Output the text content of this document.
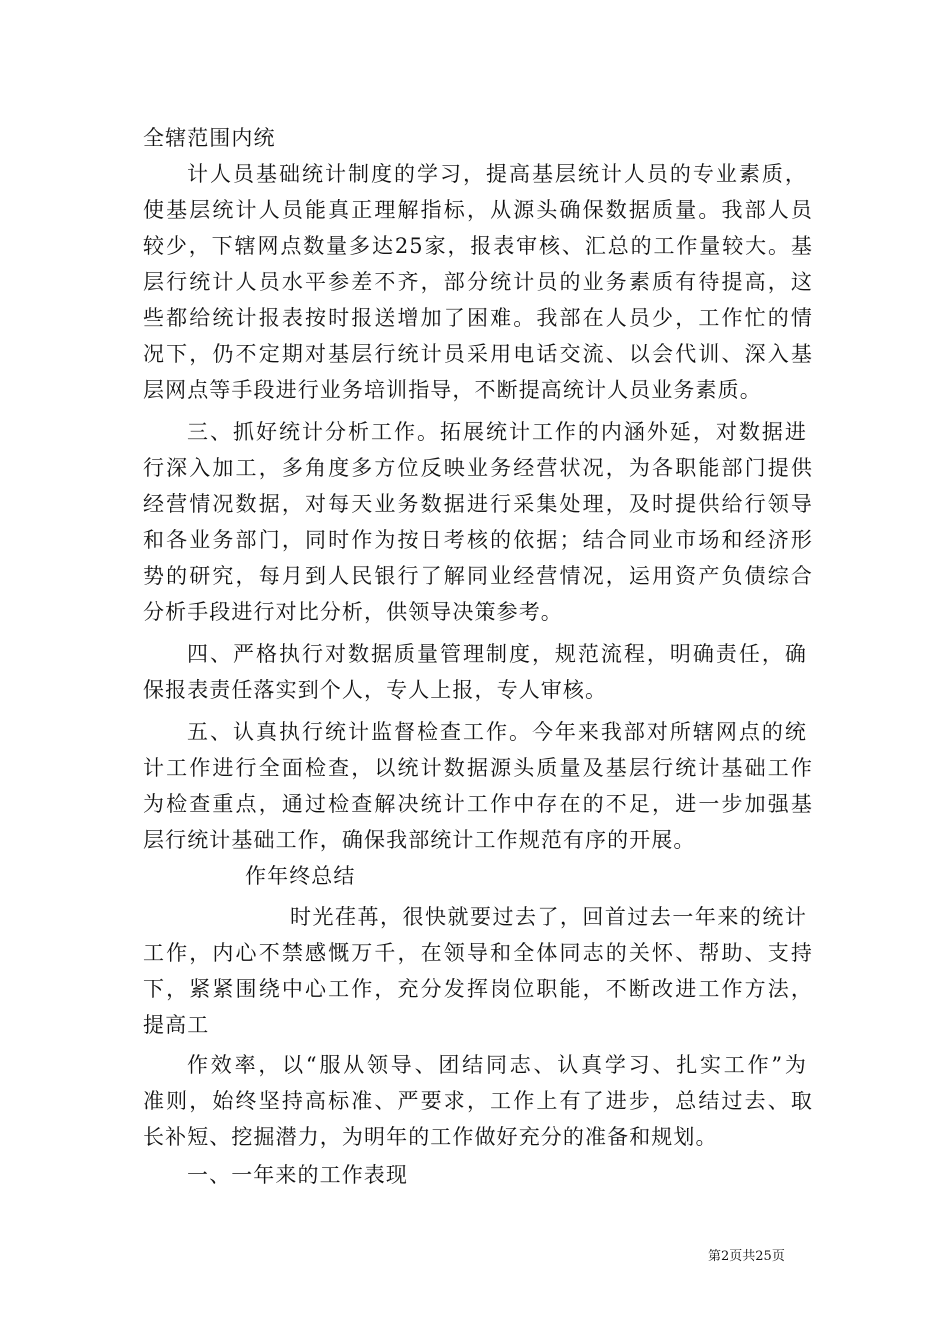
全辖范围内统
计人员基础统计制度的学习，提高基层统计人员的专业素质，
使基层统计人员能真正理解指标，从源头确保数据质量。我部人员
较少，下辖网点数量多达25家，报表审核、汇总的工作量较大。基
层行统计人员水平参差不齐，部分统计员的业务素质有待提高，这
些都给统计报表按时报送增加了困难。我部在人员少，工作忙的情
况下，仍不定期对基层行统计员采用电话交流、以会代训、深入基
层网点等手段进行业务培训指导，不断提高统计人员业务素质。
三、抓好统计分析工作。拓展统计工作的内涵外延，对数据进
行深入加工，多角度多方位反映业务经营状况，为各职能部门提供
经营情况数据，对每天业务数据进行采集处理，及时提供给行领导
和各业务部门，同时作为按日考核的依据；结合同业市场和经济形
势的研究，每月到人民银行了解同业经营情况，运用资产负债综合
分析手段进行对比分析，供领导决策参考。
四、严格执行对数据质量管理制度，规范流程，明确责任，确
保报表责任落实到个人，专人上报，专人审核。
五、认真执行统计监督检查工作。今年来我部对所辖网点的统
计工作进行全面检查，以统计数据源头质量及基层行统计基础工作
为检查重点，通过检查解决统计工作中存在的不足，进一步加强基
层行统计基础工作，确保我部统计工作规范有序的开展。
作年终总结
时光荏苒，很快就要过去了，回首过去一年来的统计
工作，内心不禁感慨万千，在领导和全体同志的关怀、帮助、支持
下，紧紧围绕中心工作，充分发挥岗位职能，不断改进工作方法，
提高工
作效率，以“服从领导、团结同志、认真学习、扎实工作”为
准则，始终坚持高标准、严要求，工作上有了进步，总结过去、取
长补短、挖掘潜力，为明年的工作做好充分的准备和规划。
一、一年来的工作表现
第2页共25页
